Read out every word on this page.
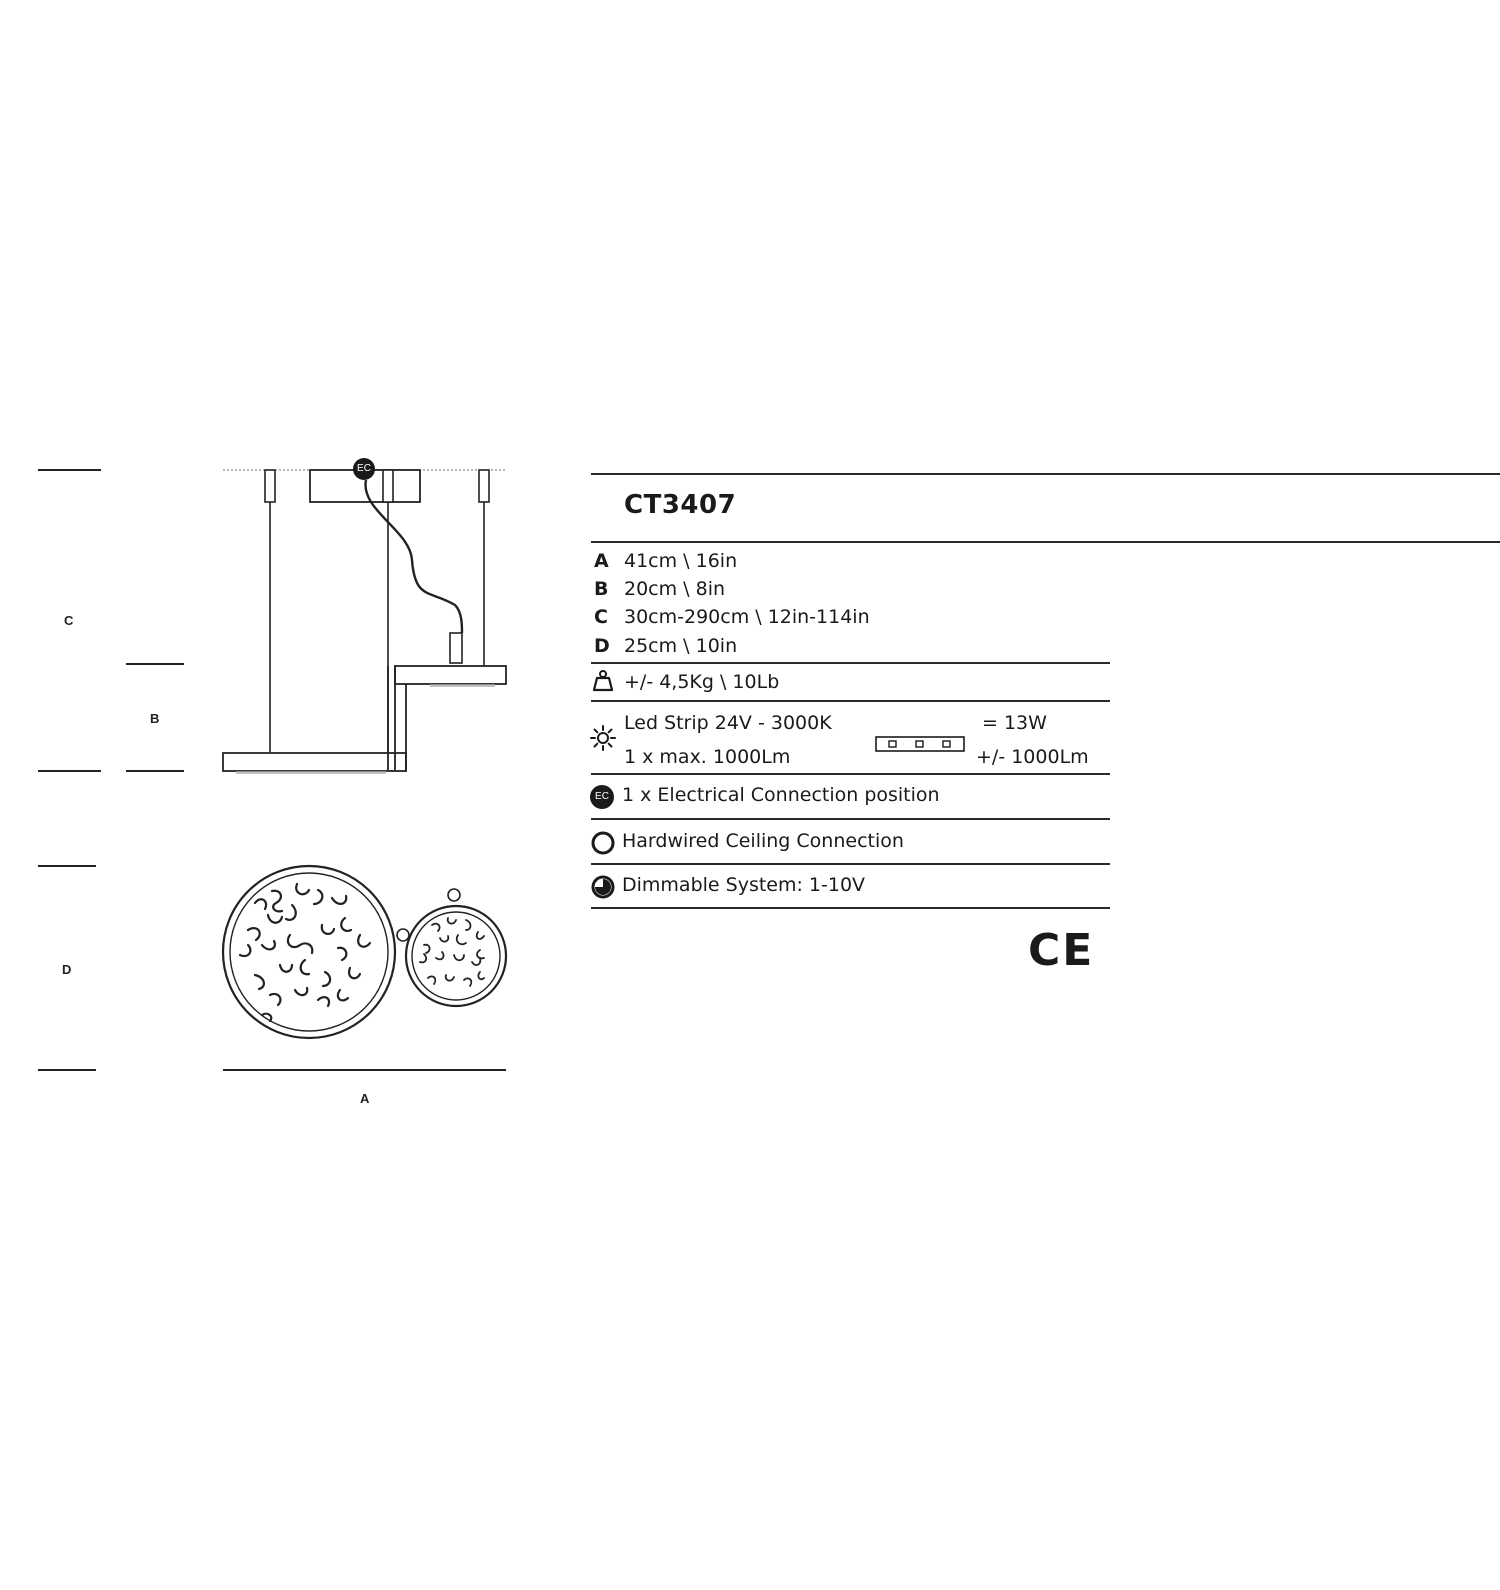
C
B
D
A
EC
CT3407
A 41cm \ 16in
B 20cm \ 8in
C 30cm-290cm \ 12in-114in
D 25cm \ 10in
+/- 4,5Kg \ 10Lb
Led Strip 24V - 3000K
1 x max. 1000Lm
= 13W
+/- 1000Lm
EC 1 x Electrical Connection position
Hardwired Ceiling Connection
Dimmable System: 1-10V
CE
